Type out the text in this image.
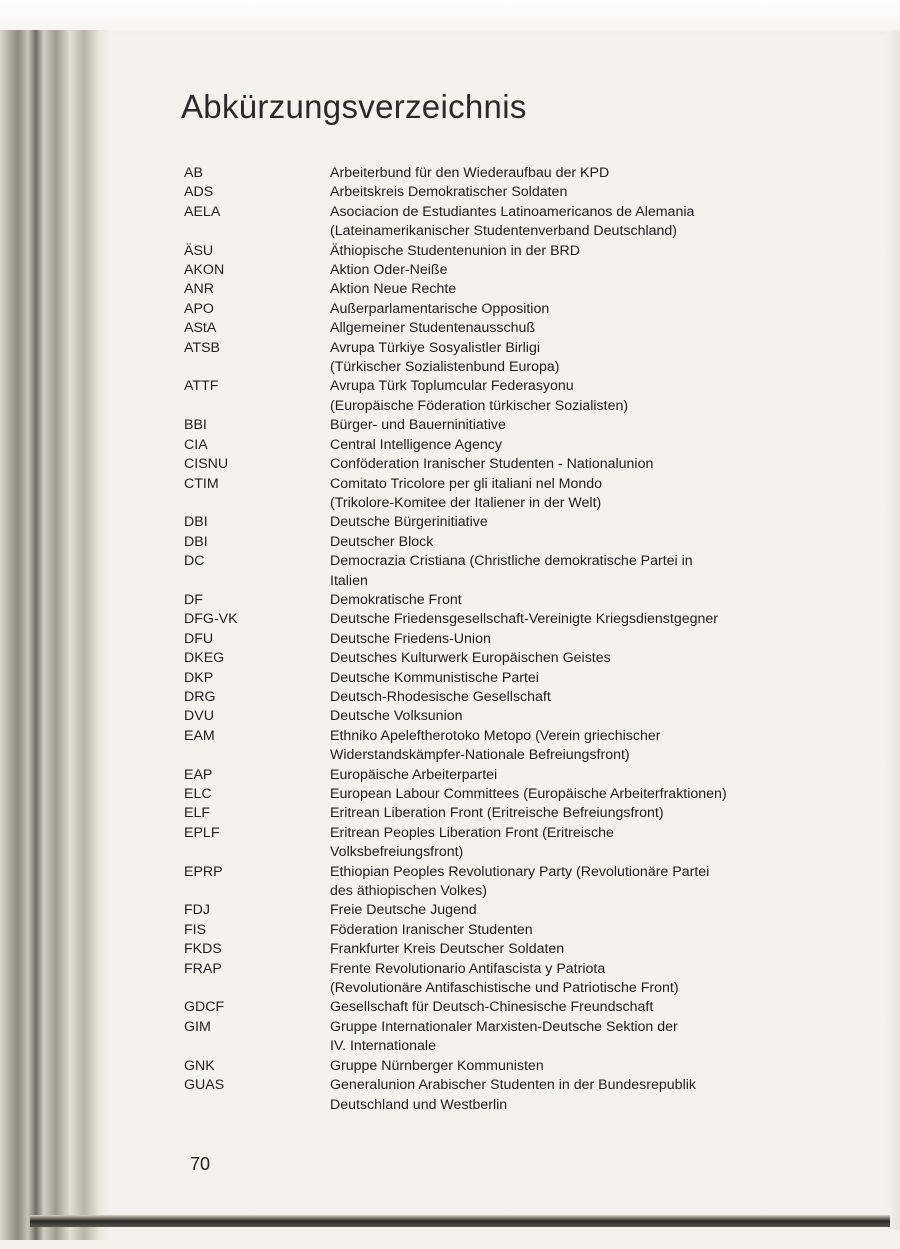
Abkürzungsverzeichnis
AB	Arbeiterbund für den Wiederaufbau der KPD
ADS	Arbeitskreis Demokratischer Soldaten
AELA	Asociacion de Estudiantes Latinoamericanos de Alemania
(Lateinamerikanischer Studentenverband Deutschland)
ÄSU	Äthiopische Studentenunion in der BRD
AKON	Aktion Oder-Neiße
ANR	Aktion Neue Rechte
APO	Außerparlamentarische Opposition
AStA	Allgemeiner Studentenausschuß
ATSB	Avrupa Türkiye Sosyalistler Birligi
(Türkischer Sozialistenbund Europa)
ATTF	Avrupa Türk Toplumcular Federasyonu
(Europäische Föderation türkischer Sozialisten)
BBI	Bürger- und Bauerninitiative
CIA	Central Intelligence Agency
CISNU	Conföderation Iranischer Studenten - Nationalunion
CTIM	Comitato Tricolore per gli italiani nel Mondo
(Trikolore-Komitee der Italiener in der Welt)
DBI	Deutsche Bürgerinitiative
DBI	Deutscher Block
DC	Democrazia Cristiana (Christliche demokratische Partei in
Italien
DF	Demokratische Front
DFG-VK	Deutsche Friedensgesellschaft-Vereinigte Kriegsdienstgegner
DFU	Deutsche Friedens-Union
DKEG	Deutsches Kulturwerk Europäischen Geistes
DKP	Deutsche Kommunistische Partei
DRG	Deutsch-Rhodesische Gesellschaft
DVU	Deutsche Volksunion
EAM	Ethniko Apeleftherotoko Metopo (Verein griechischer
Widerstandskämpfer-Nationale Befreiungsfront)
EAP	Europäische Arbeiterpartei
ELC	European Labour Committees (Europäische Arbeiterfraktionen)
ELF	Eritrean Liberation Front (Eritreische Befreiungsfront)
EPLF	Eritrean Peoples Liberation Front (Eritreische
Volksbefreiungsfront)
EPRP	Ethiopian Peoples Revolutionary Party (Revolutionäre Partei
des äthiopischen Volkes)
FDJ	Freie Deutsche Jugend
FIS	Föderation Iranischer Studenten
FKDS	Frankfurter Kreis Deutscher Soldaten
FRAP	Frente Revolutionario Antifascista y Patriota
(Revolutionäre Antifaschistische und Patriotische Front)
GDCF	Gesellschaft für Deutsch-Chinesische Freundschaft
GIM	Gruppe Internationaler Marxisten-Deutsche Sektion der
IV. Internationale
GNK	Gruppe Nürnberger Kommunisten
GUAS	Generalunion Arabischer Studenten in der Bundesrepublik
Deutschland und Westberlin
70
